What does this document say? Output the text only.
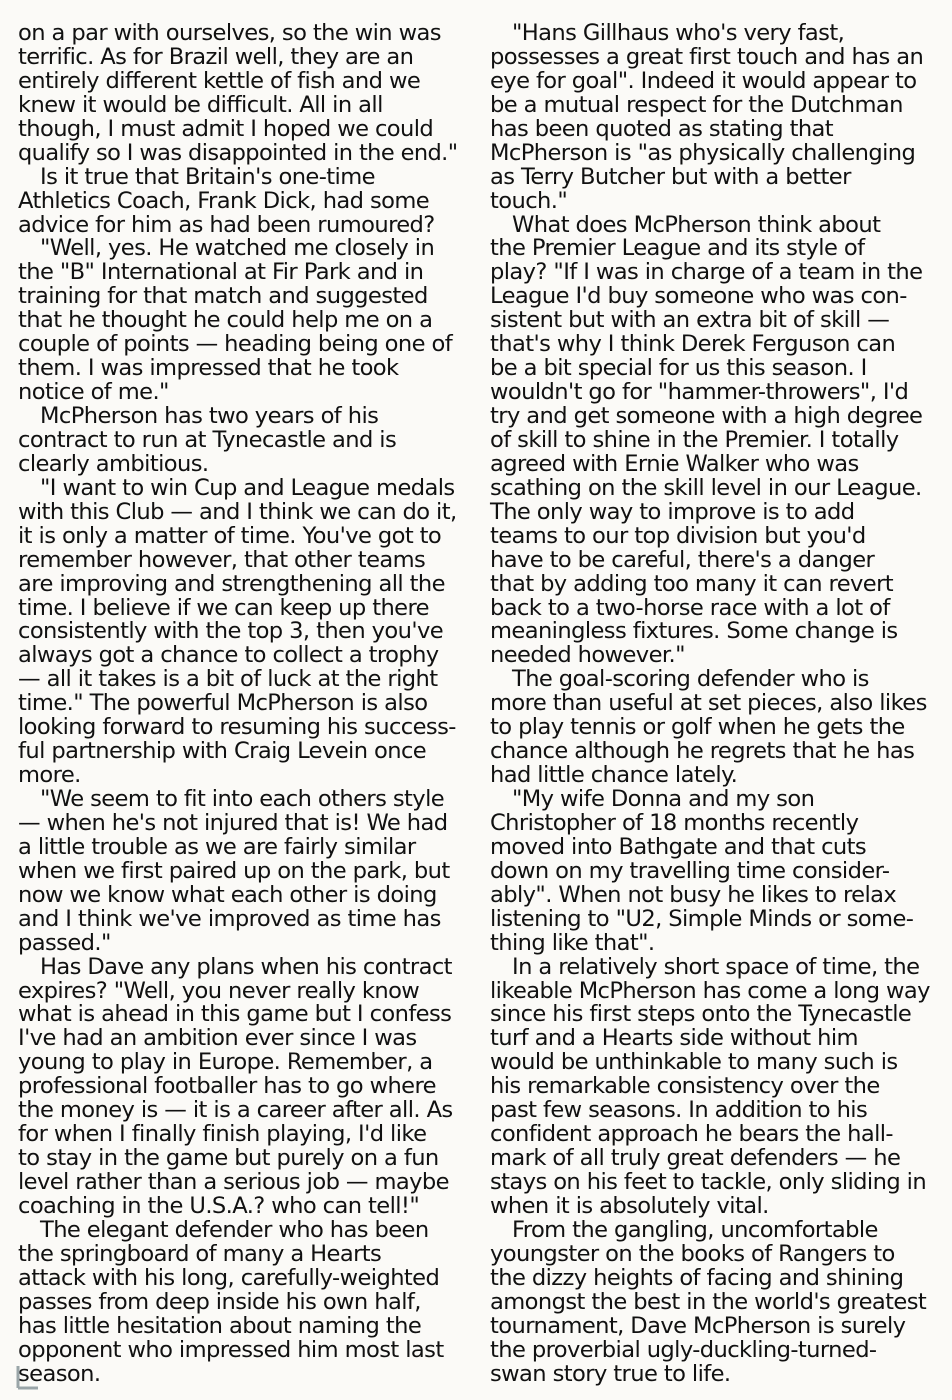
on a par with ourselves, so the win was
terrific. As for Brazil well, they are an
entirely different kettle of fish and we
knew it would be difficult. All in all
though, I must admit I hoped we could
qualify so I was disappointed in the end."
Is it true that Britain's one-time
Athletics Coach, Frank Dick, had some
advice for him as had been rumoured?
"Well, yes. He watched me closely in
the "B" International at Fir Park and in
training for that match and suggested
that he thought he could help me on a
couple of points — heading being one of
them. I was impressed that he took
notice of me."
McPherson has two years of his
contract to run at Tynecastle and is
clearly ambitious.
"I want to win Cup and League medals
with this Club — and I think we can do it,
it is only a matter of time. You've got to
remember however, that other teams
are improving and strengthening all the
time. I believe if we can keep up there
consistently with the top 3, then you've
always got a chance to collect a trophy
— all it takes is a bit of luck at the right
time." The powerful McPherson is also
looking forward to resuming his success-
ful partnership with Craig Levein once
more.
"We seem to fit into each others style
— when he's not injured that is! We had
a little trouble as we are fairly similar
when we first paired up on the park, but
now we know what each other is doing
and I think we've improved as time has
passed."
Has Dave any plans when his contract
expires? "Well, you never really know
what is ahead in this game but I confess
I've had an ambition ever since I was
young to play in Europe. Remember, a
professional footballer has to go where
the money is — it is a career after all. As
for when I finally finish playing, I'd like
to stay in the game but purely on a fun
level rather than a serious job — maybe
coaching in the U.S.A.? who can tell!"
The elegant defender who has been
the springboard of many a Hearts
attack with his long, carefully-weighted
passes from deep inside his own half,
has little hesitation about naming the
opponent who impressed him most last
season.
"Hans Gillhaus who's very fast,
possesses a great first touch and has an
eye for goal". Indeed it would appear to
be a mutual respect for the Dutchman
has been quoted as stating that
McPherson is "as physically challenging
as Terry Butcher but with a better
touch."
What does McPherson think about
the Premier League and its style of
play? "If I was in charge of a team in the
League I'd buy someone who was con-
sistent but with an extra bit of skill —
that's why I think Derek Ferguson can
be a bit special for us this season. I
wouldn't go for "hammer-throwers", I'd
try and get someone with a high degree
of skill to shine in the Premier. I totally
agreed with Ernie Walker who was
scathing on the skill level in our League.
The only way to improve is to add
teams to our top division but you'd
have to be careful, there's a danger
that by adding too many it can revert
back to a two-horse race with a lot of
meaningless fixtures. Some change is
needed however."
The goal-scoring defender who is
more than useful at set pieces, also likes
to play tennis or golf when he gets the
chance although he regrets that he has
had little chance lately.
"My wife Donna and my son
Christopher of 18 months recently
moved into Bathgate and that cuts
down on my travelling time consider-
ably". When not busy he likes to relax
listening to "U2, Simple Minds or some-
thing like that".
In a relatively short space of time, the
likeable McPherson has come a long way
since his first steps onto the Tynecastle
turf and a Hearts side without him
would be unthinkable to many such is
his remarkable consistency over the
past few seasons. In addition to his
confident approach he bears the hall-
mark of all truly great defenders — he
stays on his feet to tackle, only sliding in
when it is absolutely vital.
From the gangling, uncomfortable
youngster on the books of Rangers to
the dizzy heights of facing and shining
amongst the best in the world's greatest
tournament, Dave McPherson is surely
the proverbial ugly-duckling-turned-
swan story true to life.
